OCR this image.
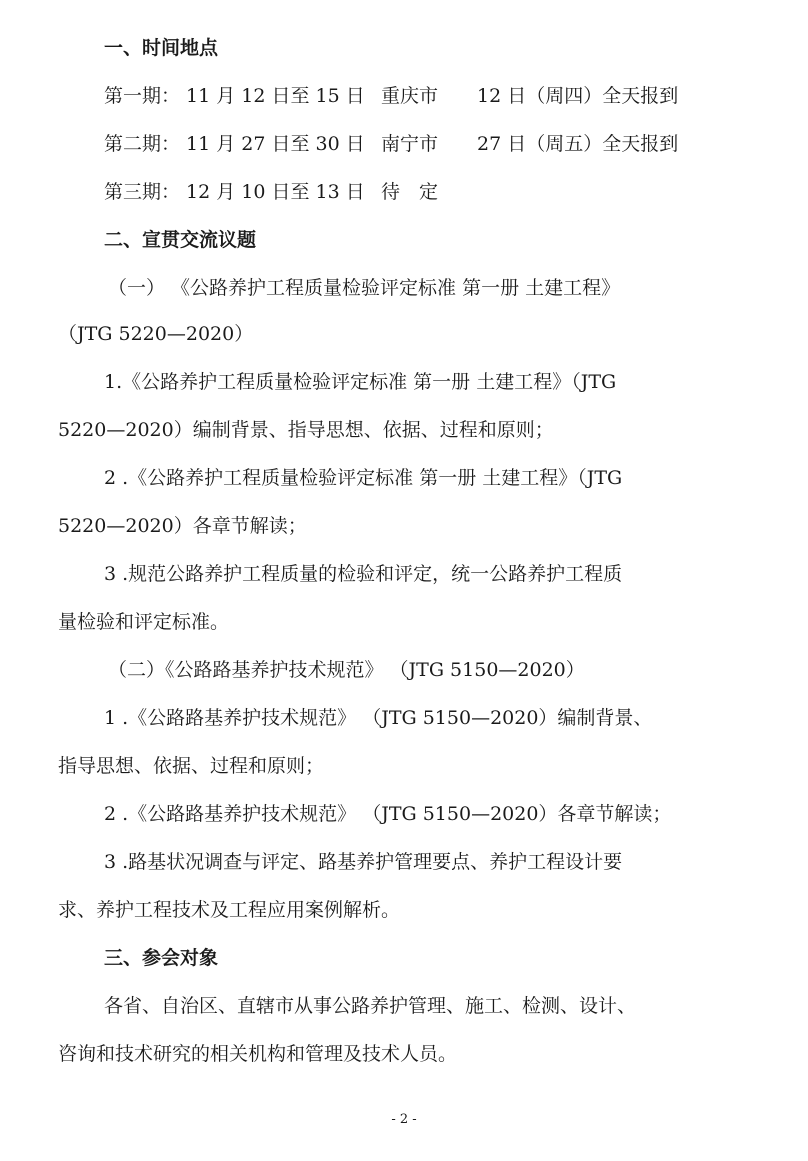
一、时间地点
第一期： 11 月 12 日至 15 日 重庆市 12 日（周四）全天报到
第二期： 11 月 27 日至 30 日 南宁市 27 日（周五）全天报到
第三期： 12 月 10 日至 13 日 待　定
二、宣贯交流议题
（一） 《公路养护工程质量检验评定标准 第一册 土建工程》
（JTG 5220—2020）
1.《公路养护工程质量检验评定标准 第一册 土建工程》（JTG
5220—2020）编制背景、指导思想、依据、过程和原则；
2 .《公路养护工程质量检验评定标准 第一册 土建工程》（JTG
5220—2020）各章节解读；
3 .规范公路养护工程质量的检验和评定，统一公路养护工程质
量检验和评定标准。
（二）《公路路基养护技术规范》 （JTG 5150—2020）
1 .《公路路基养护技术规范》 （JTG 5150—2020）编制背景、
指导思想、依据、过程和原则；
2 .《公路路基养护技术规范》 （JTG 5150—2020）各章节解读；
3 .路基状况调查与评定、路基养护管理要点、养护工程设计要
求、养护工程技术及工程应用案例解析。
三、参会对象
各省、自治区、直辖市从事公路养护管理、施工、检测、设计、
咨询和技术研究的相关机构和管理及技术人员。
- 2 -
